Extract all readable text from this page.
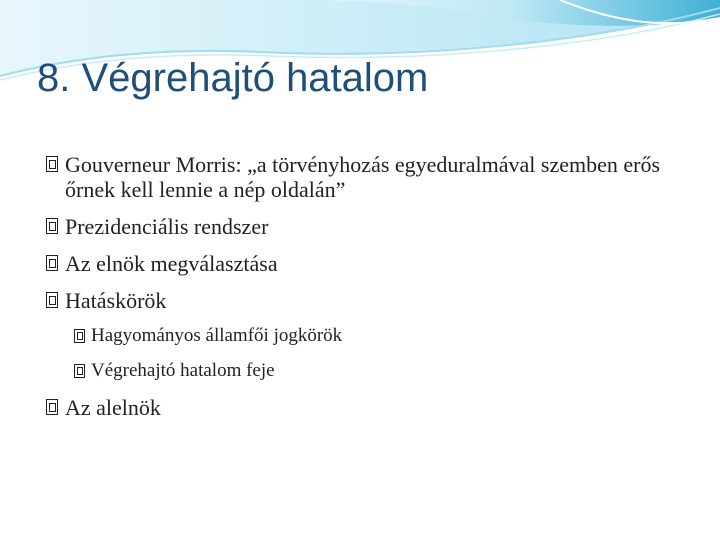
8. Végrehajtó hatalom
Gouverneur Morris: „a törvényhozás egyeduralmával szemben erős őrnek kell lennie a nép oldalán”
Prezidenciális rendszer
Az elnök megválasztása
Hatáskörök
Hagyományos államfői jogkörök
Végrehajtó hatalom feje
Az alelnök
